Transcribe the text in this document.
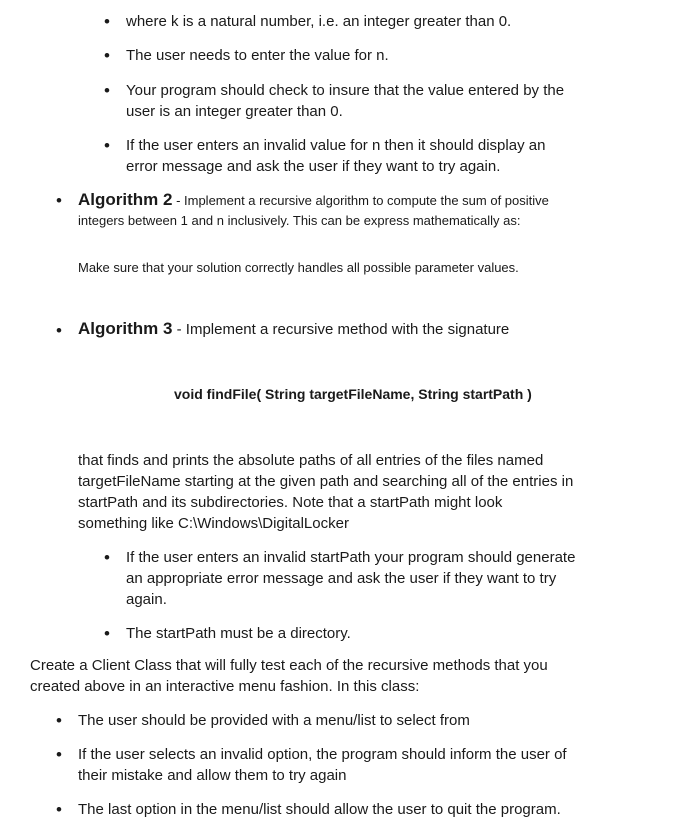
•
where k is a natural number, i.e. an integer greater than 0.
•
The user needs to enter the value for n.
•
Your program should check to insure that the value entered by the
user is an integer greater than 0.
•
If the user enters an invalid value for n then it should display an
error message and ask the user if they want to try again.
•
Algorithm 2 - Implement a recursive algorithm to compute the sum of positive
integers between 1 and n inclusively. This can be express mathematically as:
Make sure that your solution correctly handles all possible parameter values.
•
Algorithm 3 - Implement a recursive method with the signature
void findFile( String targetFileName, String startPath )
that finds and prints the absolute paths of all entries of the files named
targetFileName starting at the given path and searching all of the entries in
startPath and its subdirectories. Note that a startPath might look
something like C:\Windows\DigitalLocker
•
If the user enters an invalid startPath your program should generate
an appropriate error message and ask the user if they want to try
again.
•
The startPath must be a directory.
Create a Client Class that will fully test each of the recursive methods that you
created above in an interactive menu fashion. In this class:
•
The user should be provided with a menu/list to select from
•
If the user selects an invalid option, the program should inform the user of
their mistake and allow them to try again
•
The last option in the menu/list should allow the user to quit the program.
